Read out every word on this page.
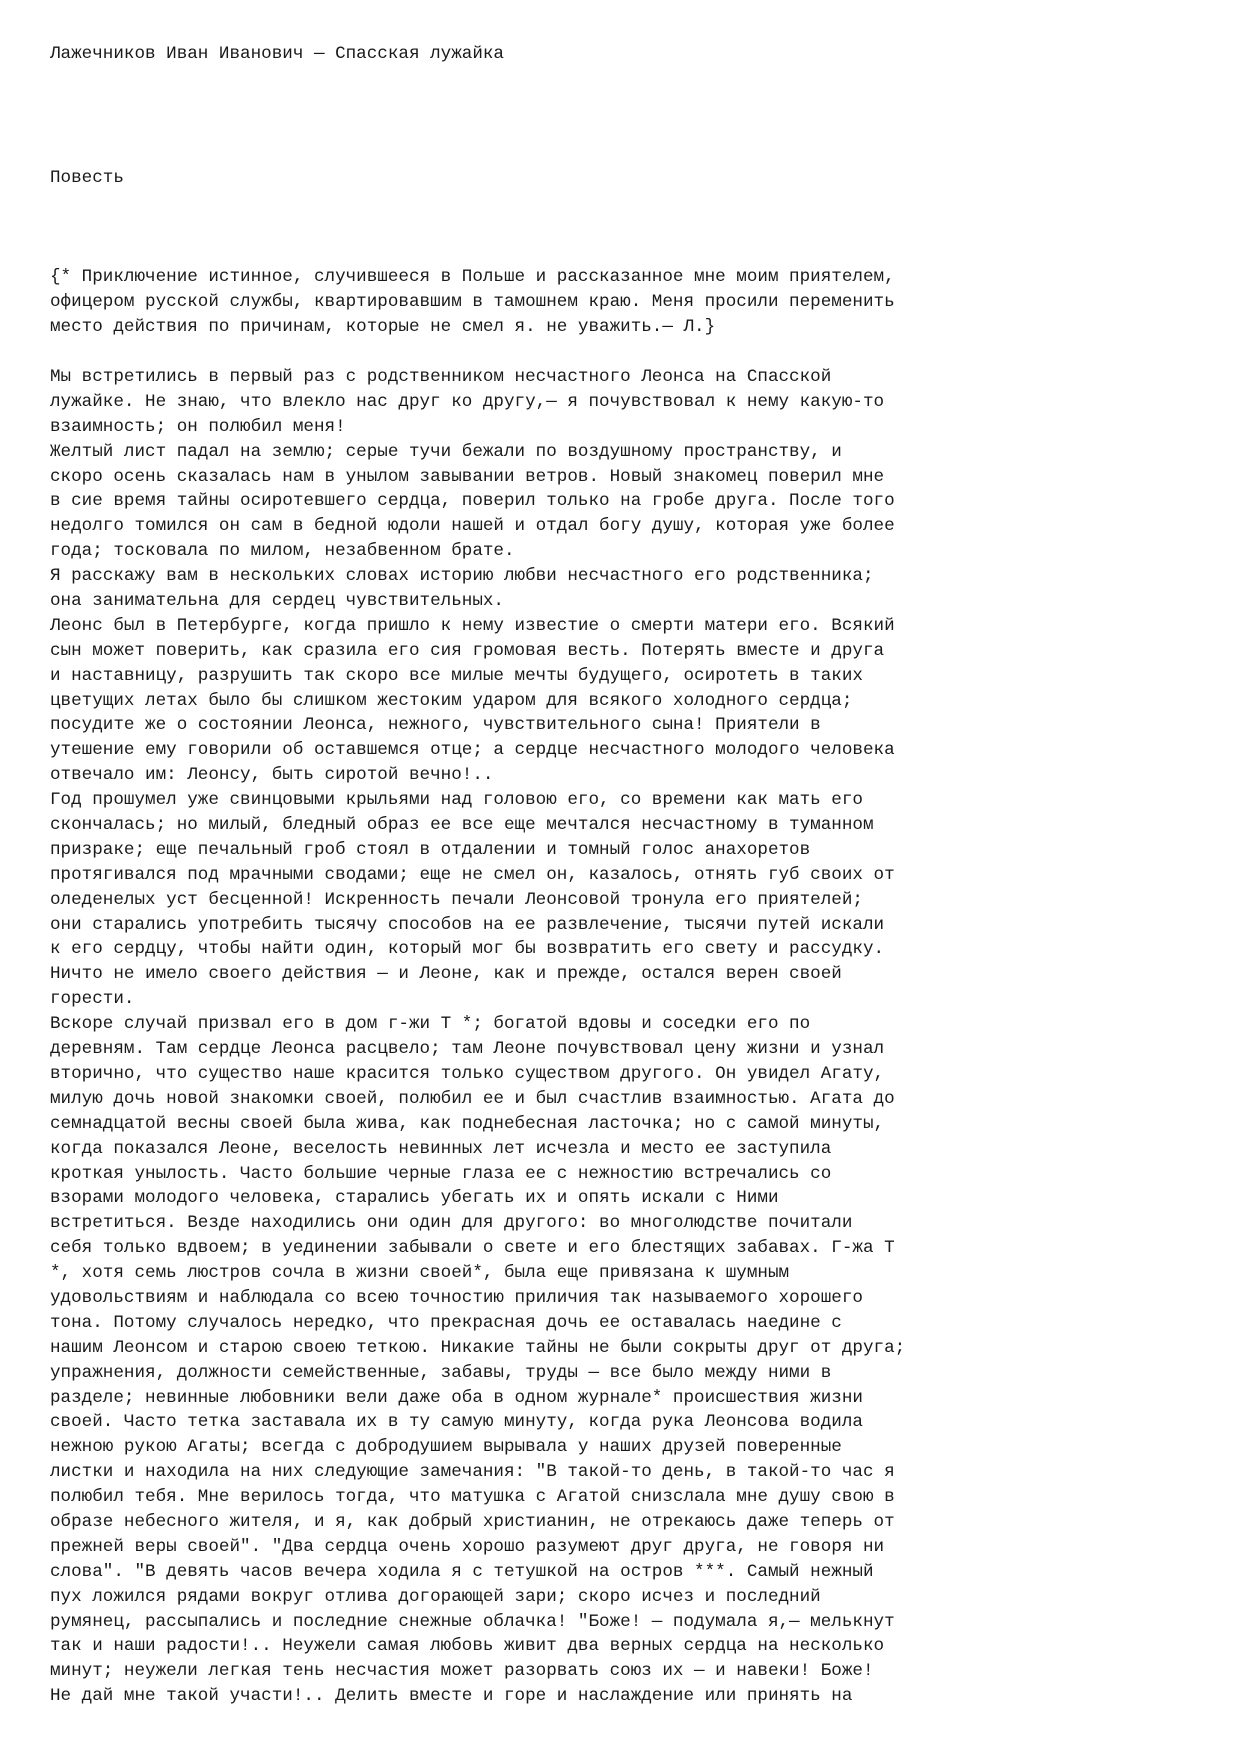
Лажечников Иван Иванович — Спасская лужайка
Повесть
{* Приключение истинное, случившееся в Польше и рассказанное мне моим приятелем,
офицером русской службы, квартировавшим в тамошнем краю. Меня просили переменить
место действия по причинам, которые не смел я. не уважить.— Л.}
Мы встретились в первый раз с родственником несчастного Леонса на Спасской
лужайке. Не знаю, что влекло нас друг ко другу,— я почувствовал к нему какую-то
взаимность; он полюбил меня!
Желтый лист падал на землю; серые тучи бежали по воздушному пространству, и
скоро осень сказалась нам в унылом завывании ветров. Новый знакомец поверил мне
в сие время тайны осиротевшего сердца, поверил только на гробе друга. После того
недолго томился он сам в бедной юдоли нашей и отдал богу душу, которая уже более
года; тосковала по милом, незабвенном брате.
Я расскажу вам в нескольких словах историю любви несчастного его родственника;
она занимательна для сердец чувствительных.
Леонс был в Петербурге, когда пришло к нему известие о смерти матери его. Всякий
сын может поверить, как сразила его сия громовая весть. Потерять вместе и друга
и наставницу, разрушить так скоро все милые мечты будущего, осиротеть в таких
цветущих летах было бы слишком жестоким ударом для всякого холодного сердца;
посудите же о состоянии Леонса, нежного, чувствительного сына! Приятели в
утешение ему говорили об оставшемся отце; а сердце несчастного молодого человека
отвечало им: Леонсу, быть сиротой вечно!..
Год прошумел уже свинцовыми крыльями над головою его, со времени как мать его
скончалась; но милый, бледный образ ее все еще мечтался несчастному в туманном
призраке; еще печальный гроб стоял в отдалении и томный голос анахоретов
протягивался под мрачными сводами; еще не смел он, казалось, отнять губ своих от
оледенелых уст бесценной! Искренность печали Леонсовой тронула его приятелей;
они старались употребить тысячу способов на ее развлечение, тысячи путей искали
к его сердцу, чтобы найти один, который мог бы возвратить его свету и рассудку.
Ничто не имело своего действия — и Леоне, как и прежде, остался верен своей
горести.
Вскоре случай призвал его в дом г-жи Т *; богатой вдовы и соседки его по
деревням. Там сердце Леонса расцвело; там Леоне почувствовал цену жизни и узнал
вторично, что существо наше красится только существом другого. Он увидел Агату,
милую дочь новой знакомки своей, полюбил ее и был счастлив взаимностью. Агата до
семнадцатой весны своей была жива, как поднебесная ласточка; но с самой минуты,
когда показался Леоне, веселость невинных лет исчезла и место ее заступила
кроткая унылость. Часто большие черные глаза ее с нежностию встречались со
взорами молодого человека, старались убегать их и опять искали с Ними
встретиться. Везде находились они один для другого: во многолюдстве почитали
себя только вдвоем; в уединении забывали о свете и его блестящих забавах. Г-жа Т
*, хотя семь люстров сочла в жизни своей*, была еще привязана к шумным
удовольствиям и наблюдала со всею точностию приличия так называемого хорошего
тона. Потому случалось нередко, что прекрасная дочь ее оставалась наедине с
нашим Леонсом и старою своею теткою. Никакие тайны не были сокрыты друг от друга;
упражнения, должности семейственные, забавы, труды — все было между ними в
разделе; невинные любовники вели даже оба в одном журнале* происшествия жизни
своей. Часто тетка заставала их в ту самую минуту, когда рука Леонсова водила
нежною рукою Агаты; всегда с добродушием вырывала у наших друзей поверенные
листки и находила на них следующие замечания: "В такой-то день, в такой-то час я
полюбил тебя. Мне верилось тогда, что матушка с Агатой снизслала мне душу свою в
образе небесного жителя, и я, как добрый христианин, не отрекаюсь даже теперь от
прежней веры своей". "Два сердца очень хорошо разумеют друг друга, не говоря ни
слова". "В девять часов вечера ходила я с тетушкой на остров ***. Самый нежный
пух ложился рядами вокруг отлива догорающей зари; скоро исчез и последний
румянец, рассыпались и последние снежные облачка! "Боже! — подумала я,— мелькнут
так и наши радости!.. Неужели самая любовь живит два верных сердца на несколько
минут; неужели легкая тень несчастия может разорвать союз их — и навеки! Боже!
Не дай мне такой участи!.. Делить вместе и горе и наслаждение или принять на
